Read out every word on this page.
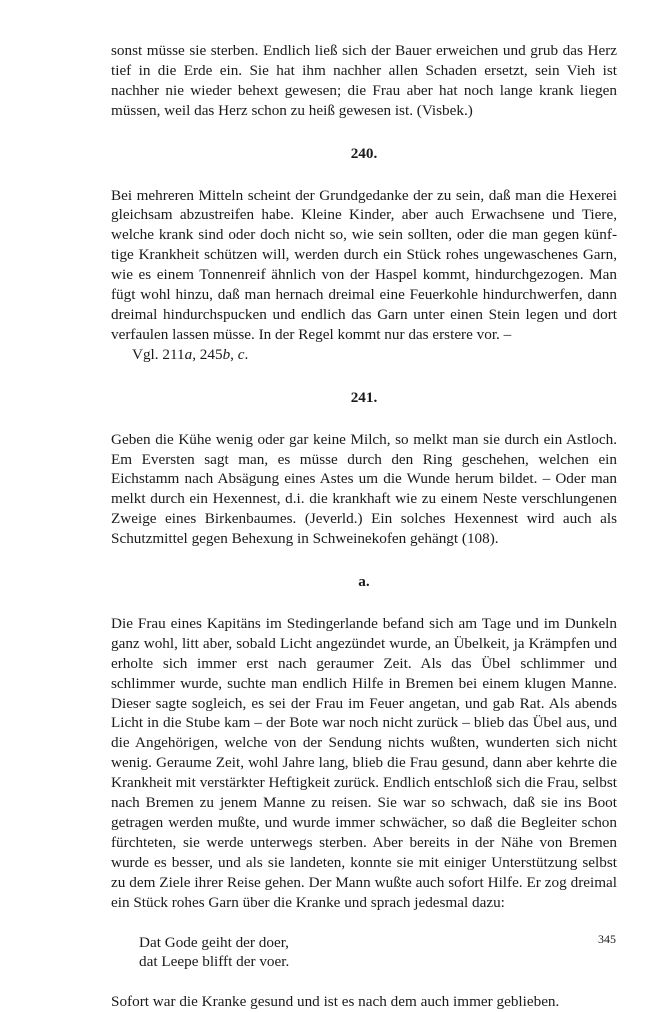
sonst müsse sie sterben. Endlich ließ sich der Bauer erweichen und grub das Herz tief in die Erde ein. Sie hat ihm nachher allen Schaden ersetzt, sein Vieh ist nachher nie wieder behext gewesen; die Frau aber hat noch lange krank liegen müssen, weil das Herz schon zu heiß gewesen ist. (Visbek.)

240.

Bei mehreren Mitteln scheint der Grundgedanke der zu sein, daß man die Hexerei gleichsam abzustreifen habe. Kleine Kinder, aber auch Erwachsene und Tiere, welche krank sind oder doch nicht so, wie sein sollten, oder die man gegen künftige Krankheit schützen will, werden durch ein Stück rohes ungewaschenes Garn, wie es einem Tonnenreif ähnlich von der Haspel kommt, hindurchgezogen. Man fügt wohl hinzu, daß man hernach dreimal eine Feuerkohle hindurchwerfen, dann dreimal hindurchspucken und endlich das Garn unter einen Stein legen und dort verfaulen lassen müsse. In der Regel kommt nur das erstere vor. –

Vgl. 211a, 245b, c.

241.

Geben die Kühe wenig oder gar keine Milch, so melkt man sie durch ein Astloch. Em Eversten sagt man, es müsse durch den Ring geschehen, welchen ein Eichstamm nach Absägung eines Astes um die Wunde herum bildet. – Oder man melkt durch ein Hexennest, d.i. die krankhaft wie zu einem Neste verschlungenen Zweige eines Birkenbaumes. (Jeverld.) Ein solches Hexennest wird auch als Schutzmittel gegen Behexung in Schweinekofen gehängt (108).

a.

Die Frau eines Kapitäns im Stedingerlande befand sich am Tage und im Dunkeln ganz wohl, litt aber, sobald Licht angezündet wurde, an Übelkeit, ja Krämpfen und erholte sich immer erst nach geraumer Zeit. Als das Übel schlimmer und schlimmer wurde, suchte man endlich Hilfe in Bremen bei einem klugen Manne. Dieser sagte sogleich, es sei der Frau im Feuer angetan, und gab Rat. Als abends Licht in die Stube kam – der Bote war noch nicht zurück – blieb das Übel aus, und die Angehörigen, welche von der Sendung nichts wußten, wunderten sich nicht wenig. Geraume Zeit, wohl Jahre lang, blieb die Frau gesund, dann aber kehrte die Krankheit mit verstärkter Heftigkeit zurück. Endlich entschloß sich die Frau, selbst nach Bremen zu jenem Manne zu reisen. Sie war so schwach, daß sie ins Boot getragen werden mußte, und wurde immer schwächer, so daß die Begleiter schon fürchteten, sie werde unterwegs sterben. Aber bereits in der Nähe von Bremen wurde es besser, und als sie landeten, konnte sie mit einiger Unterstützung selbst zu dem Ziele ihrer Reise gehen. Der Mann wußte auch sofort Hilfe. Er zog dreimal ein Stück rohes Garn über die Kranke und sprach jedesmal dazu:

Dat Gode geiht der doer,
dat Leepe blifft der voer.

Sofort war die Kranke gesund und ist es nach dem auch immer geblieben.

345
